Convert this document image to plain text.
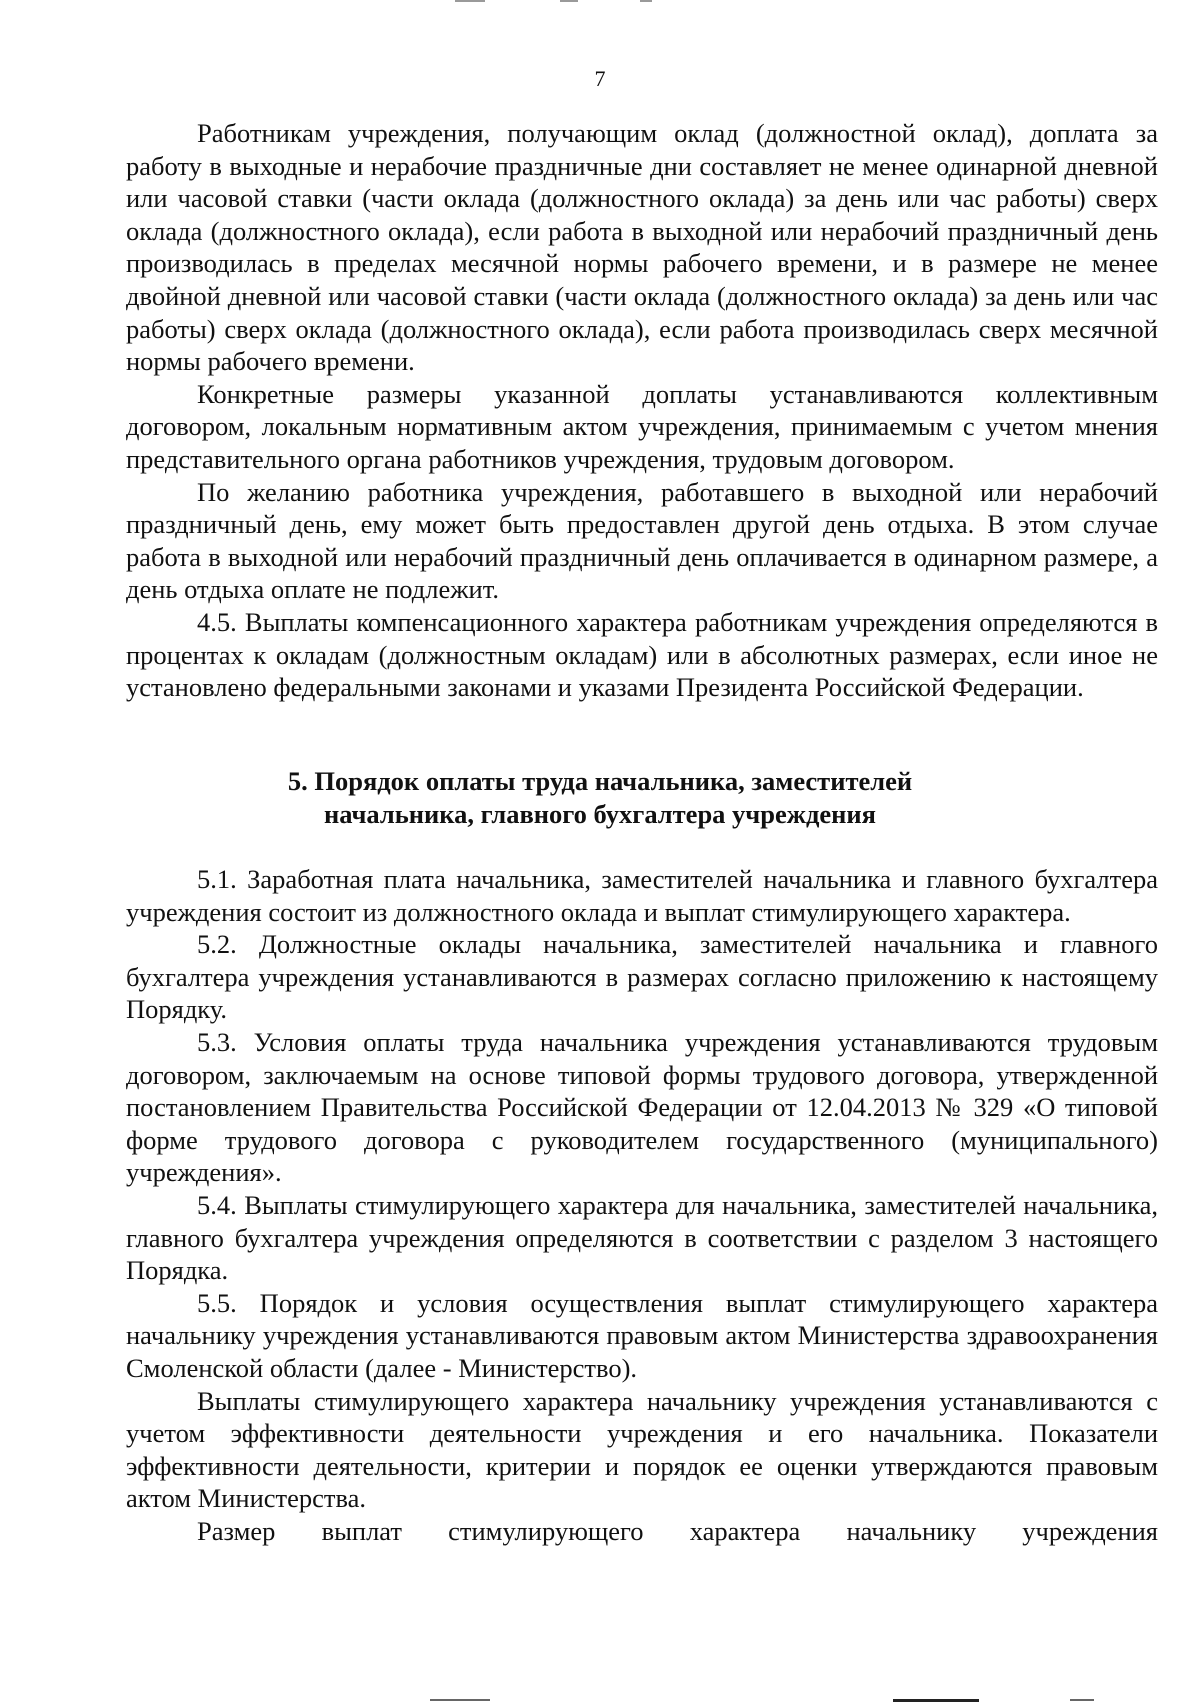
7

Работникам учреждения, получающим оклад (должностной оклад), доплата за работу в выходные и нерабочие праздничные дни составляет не менее одинарной дневной или часовой ставки (части оклада (должностного оклада) за день или час работы) сверх оклада (должностного оклада), если работа в выходной или нерабочий праздничный день производилась в пределах месячной нормы рабочего времени, и в размере не менее двойной дневной или часовой ставки (части оклада (должностного оклада) за день или час работы) сверх оклада (должностного оклада), если работа производилась сверх месячной нормы рабочего времени.

Конкретные размеры указанной доплаты устанавливаются коллективным договором, локальным нормативным актом учреждения, принимаемым с учетом мнения представительного органа работников учреждения, трудовым договором.

По желанию работника учреждения, работавшего в выходной или нерабочий праздничный день, ему может быть предоставлен другой день отдыха. В этом случае работа в выходной или нерабочий праздничный день оплачивается в одинарном размере, а день отдыха оплате не подлежит.

4.5. Выплаты компенсационного характера работникам учреждения определяются в процентах к окладам (должностным окладам) или в абсолютных размерах, если иное не установлено федеральными законами и указами Президента Российской Федерации.

5. Порядок оплаты труда начальника, заместителей
начальника, главного бухгалтера учреждения

5.1. Заработная плата начальника, заместителей начальника и главного бухгалтера учреждения состоит из должностного оклада и выплат стимулирующего характера.

5.2. Должностные оклады начальника, заместителей начальника и главного бухгалтера учреждения устанавливаются в размерах согласно приложению к настоящему Порядку.

5.3. Условия оплаты труда начальника учреждения устанавливаются трудовым договором, заключаемым на основе типовой формы трудового договора, утвержденной постановлением Правительства Российской Федерации от 12.04.2013 № 329 «О типовой форме трудового договора с руководителем государственного (муниципального) учреждения».

5.4. Выплаты стимулирующего характера для начальника, заместителей начальника, главного бухгалтера учреждения определяются в соответствии с разделом 3 настоящего Порядка.

5.5. Порядок и условия осуществления выплат стимулирующего характера начальнику учреждения устанавливаются правовым актом Министерства здравоохранения Смоленской области (далее - Министерство).

Выплаты стимулирующего характера начальнику учреждения устанавливаются с учетом эффективности деятельности учреждения и его начальника. Показатели эффективности деятельности, критерии и порядок ее оценки утверждаются правовым актом Министерства.

Размер выплат стимулирующего характера начальнику учреждения
